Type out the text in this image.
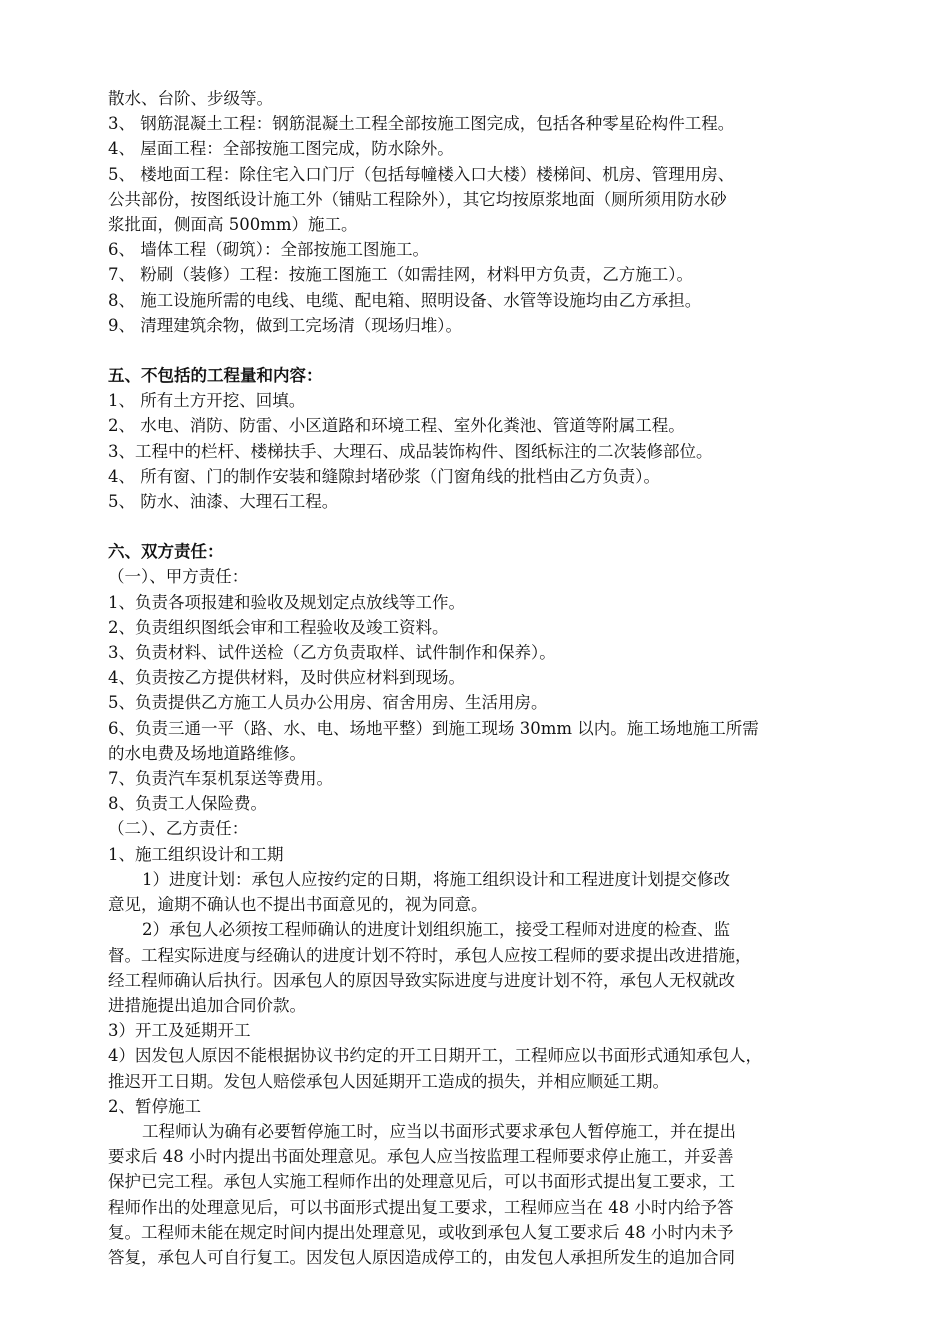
散水、台阶、步级等。

3、 钢筋混凝土工程：钢筋混凝土工程全部按施工图完成，包括各种零星砼构件工程。

4、 屋面工程：全部按施工图完成，防水除外。

5、 楼地面工程：除住宅入口门厅（包括每幢楼入口大楼）楼梯间、机房、管理用房、

公共部份，按图纸设计施工外（铺贴工程除外），其它均按原浆地面（厕所须用防水砂

浆批面，侧面高 500mm）施工。

6、 墙体工程（砌筑）：全部按施工图施工。

7、 粉刷（装修）工程：按施工图施工（如需挂网，材料甲方负责，乙方施工）。

8、 施工设施所需的电线、电缆、配电箱、照明设备、水管等设施均由乙方承担。

9、 清理建筑余物，做到工完场清（现场归堆）。

五、不包括的工程量和内容：

1、 所有土方开挖、回填。

2、 水电、消防、防雷、小区道路和环境工程、室外化粪池、管道等附属工程。

3、工程中的栏杆、楼梯扶手、大理石、成品装饰构件、图纸标注的二次装修部位。

4、 所有窗、门的制作安装和缝隙封堵砂浆（门窗角线的批档由乙方负责）。

5、 防水、油漆、大理石工程。

六、双方责任：

（一）、甲方责任：

1、负责各项报建和验收及规划定点放线等工作。

2、负责组织图纸会审和工程验收及竣工资料。

3、负责材料、试件送检（乙方负责取样、试件制作和保养）。

4、负责按乙方提供材料，及时供应材料到现场。

5、负责提供乙方施工人员办公用房、宿舍用房、生活用房。

6、负责三通一平（路、水、电、场地平整）到施工现场 30mm 以内。施工场地施工所需

的水电费及场地道路维修。

7、负责汽车泵机泵送等费用。

8、负责工人保险费。

（二）、乙方责任：

1、施工组织设计和工期

1）进度计划：承包人应按约定的日期，将施工组织设计和工程进度计划提交修改

意见，逾期不确认也不提出书面意见的，视为同意。

2）承包人必须按工程师确认的进度计划组织施工，接受工程师对进度的检查、监

督。工程实际进度与经确认的进度计划不符时，承包人应按工程师的要求提出改进措施，

经工程师确认后执行。因承包人的原因导致实际进度与进度计划不符，承包人无权就改

进措施提出追加合同价款。

3）开工及延期开工

4）因发包人原因不能根据协议书约定的开工日期开工，工程师应以书面形式通知承包人，

推迟开工日期。发包人赔偿承包人因延期开工造成的损失，并相应顺延工期。

2、暂停施工

工程师认为确有必要暂停施工时，应当以书面形式要求承包人暂停施工，并在提出

要求后 48 小时内提出书面处理意见。承包人应当按监理工程师要求停止施工，并妥善

保护已完工程。承包人实施工程师作出的处理意见后，可以书面形式提出复工要求，工

程师作出的处理意见后，可以书面形式提出复工要求，工程师应当在 48 小时内给予答

复。工程师未能在规定时间内提出处理意见，或收到承包人复工要求后 48 小时内未予

答复，承包人可自行复工。因发包人原因造成停工的，由发包人承担所发生的追加合同
